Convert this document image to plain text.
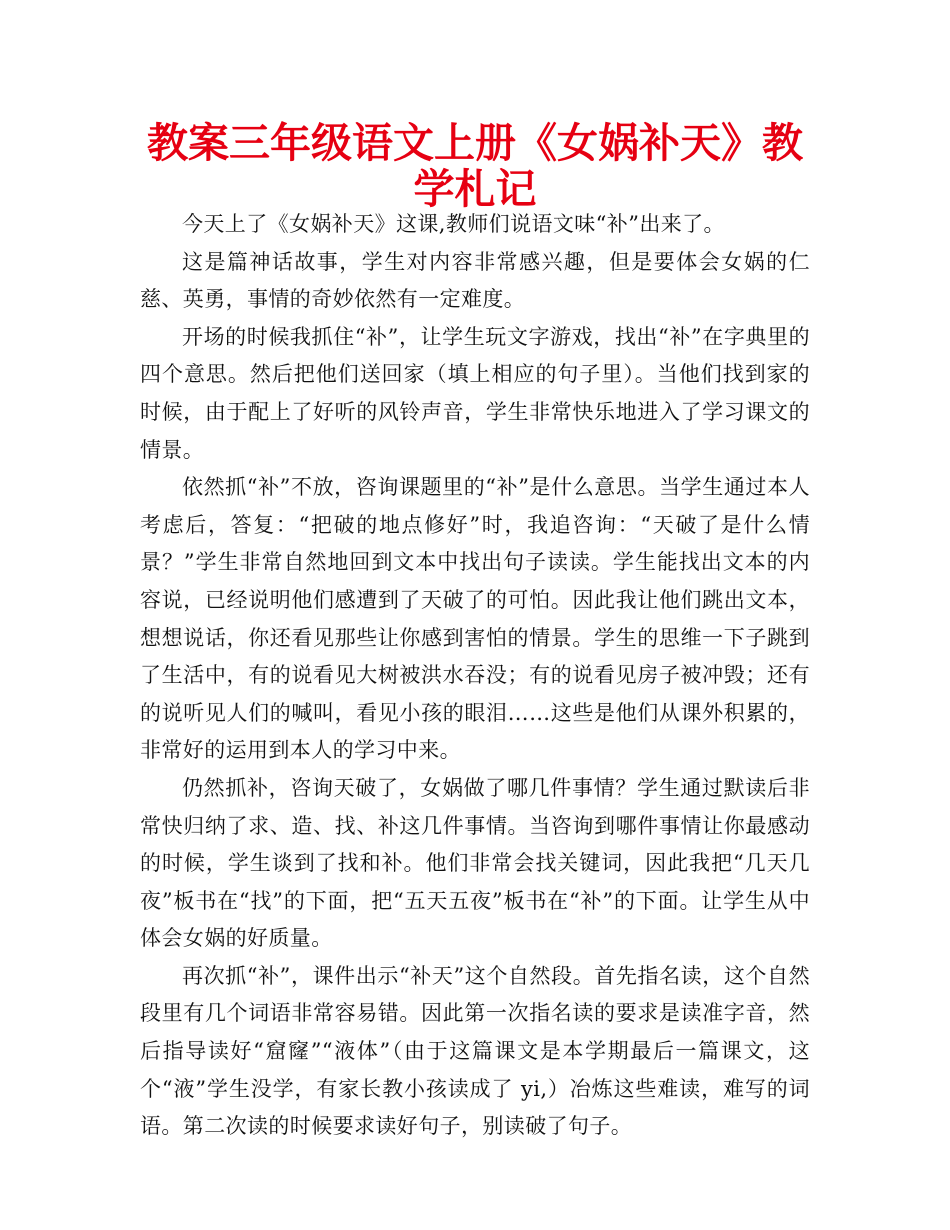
教案三年级语文上册《女娲补天》教学札记

今天上了《女娲补天》这课,教师们说语文味“补”出来了。

这是篇神话故事，学生对内容非常感兴趣，但是要体会女娲的仁慈、英勇，事情的奇妙依然有一定难度。

开场的时候我抓住“补”，让学生玩文字游戏，找出“补”在字典里的四个意思。然后把他们送回家（填上相应的句子里）。当他们找到家的时候，由于配上了好听的风铃声音，学生非常快乐地进入了学习课文的情景。

依然抓“补”不放，咨询课题里的“补”是什么意思。当学生通过本人考虑后，答复：“把破的地点修好”时，我追咨询：“天破了是什么情景？”学生非常自然地回到文本中找出句子读读。学生能找出文本的内容说，已经说明他们感遭到了天破了的可怕。因此我让他们跳出文本，想想说话，你还看见那些让你感到害怕的情景。学生的思维一下子跳到了生活中，有的说看见大树被洪水吞没；有的说看见房子被冲毁；还有的说听见人们的喊叫，看见小孩的眼泪……这些是他们从课外积累的，非常好的运用到本人的学习中来。

仍然抓补，咨询天破了，女娲做了哪几件事情？学生通过默读后非常快归纳了求、造、找、补这几件事情。当咨询到哪件事情让你最感动的时候，学生谈到了找和补。他们非常会找关键词，因此我把“几天几夜”板书在“找”的下面，把“五天五夜”板书在“补”的下面。让学生从中体会女娲的好质量。

再次抓“补”，课件出示“补天”这个自然段。首先指名读，这个自然段里有几个词语非常容易错。因此第一次指名读的要求是读准字音，然后指导读好“窟窿”“液体”（由于这篇课文是本学期最后一篇课文，这个“液”学生没学，有家长教小孩读成了 yi,）冶炼这些难读，难写的词语。第二次读的时候要求读好句子，别读破了句子。
